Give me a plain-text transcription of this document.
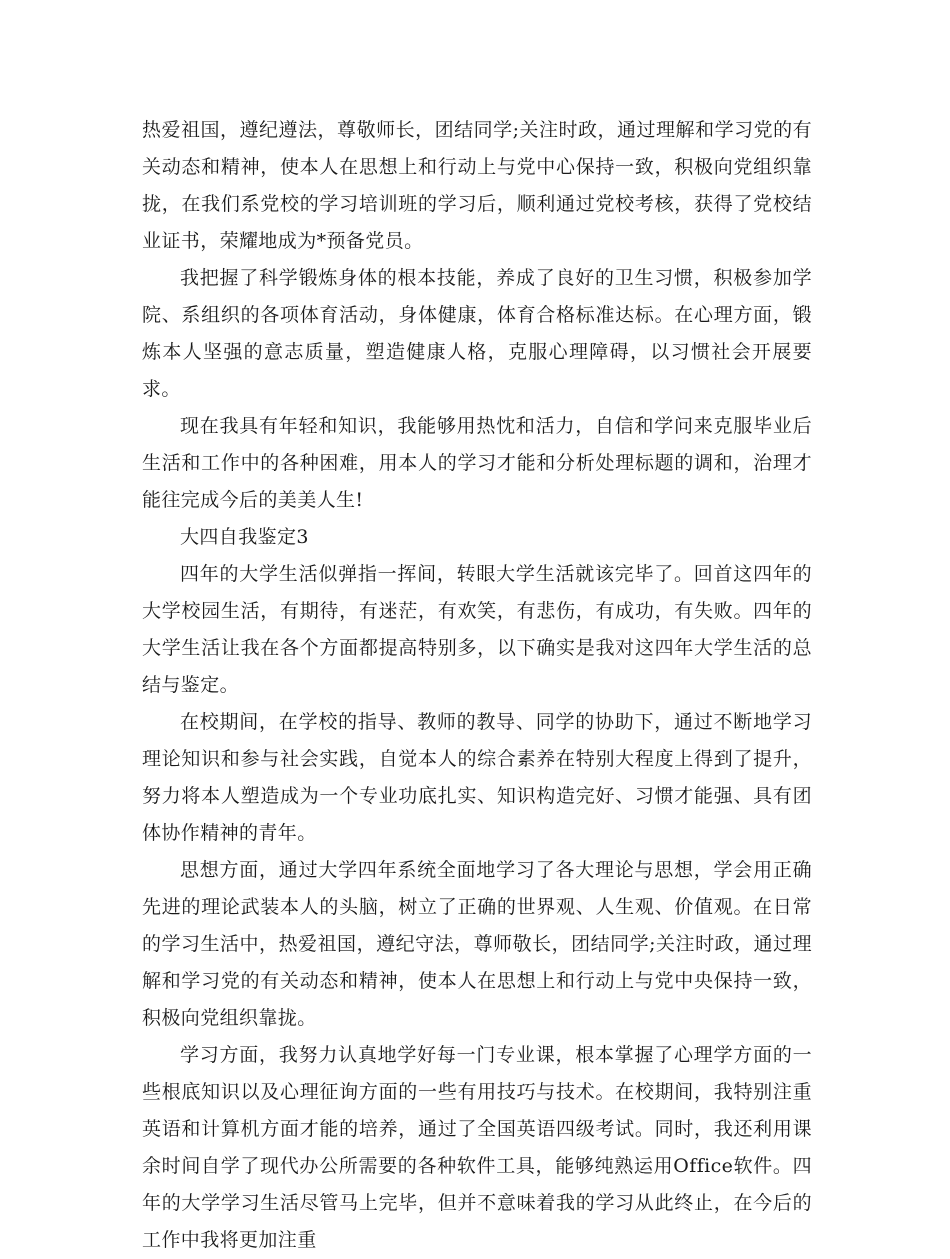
热爱祖国，遵纪遵法，尊敬师长，团结同学;关注时政，通过理解和学习党的有关动态和精神，使本人在思想上和行动上与党中心保持一致，积极向党组织靠拢，在我们系党校的学习培训班的学习后，顺利通过党校考核，获得了党校结业证书，荣耀地成为*预备党员。

我把握了科学锻炼身体的根本技能，养成了良好的卫生习惯，积极参加学院、系组织的各项体育活动，身体健康，体育合格标准达标。在心理方面，锻炼本人坚强的意志质量，塑造健康人格，克服心理障碍，以习惯社会开展要求。

现在我具有年轻和知识，我能够用热忱和活力，自信和学问来克服毕业后生活和工作中的各种困难，用本人的学习才能和分析处理标题的调和，治理才能往完成今后的美美人生!

大四自我鉴定3

四年的大学生活似弹指一挥间，转眼大学生活就该完毕了。回首这四年的大学校园生活，有期待，有迷茫，有欢笑，有悲伤，有成功，有失败。四年的大学生活让我在各个方面都提高特别多，以下确实是我对这四年大学生活的总结与鉴定。

在校期间，在学校的指导、教师的教导、同学的协助下，通过不断地学习理论知识和参与社会实践，自觉本人的综合素养在特别大程度上得到了提升，努力将本人塑造成为一个专业功底扎实、知识构造完好、习惯才能强、具有团体协作精神的青年。

思想方面，通过大学四年系统全面地学习了各大理论与思想，学会用正确先进的理论武装本人的头脑，树立了正确的世界观、人生观、价值观。在日常的学习生活中，热爱祖国，遵纪守法，尊师敬长，团结同学;关注时政，通过理解和学习党的有关动态和精神，使本人在思想上和行动上与党中央保持一致，积极向党组织靠拢。

学习方面，我努力认真地学好每一门专业课，根本掌握了心理学方面的一些根底知识以及心理征询方面的一些有用技巧与技术。在校期间，我特别注重英语和计算机方面才能的培养，通过了全国英语四级考试。同时，我还利用课余时间自学了现代办公所需要的各种软件工具，能够纯熟运用Office软件。四年的大学学习生活尽管马上完毕，但并不意味着我的学习从此终止，在今后的工作中我将更加注重
